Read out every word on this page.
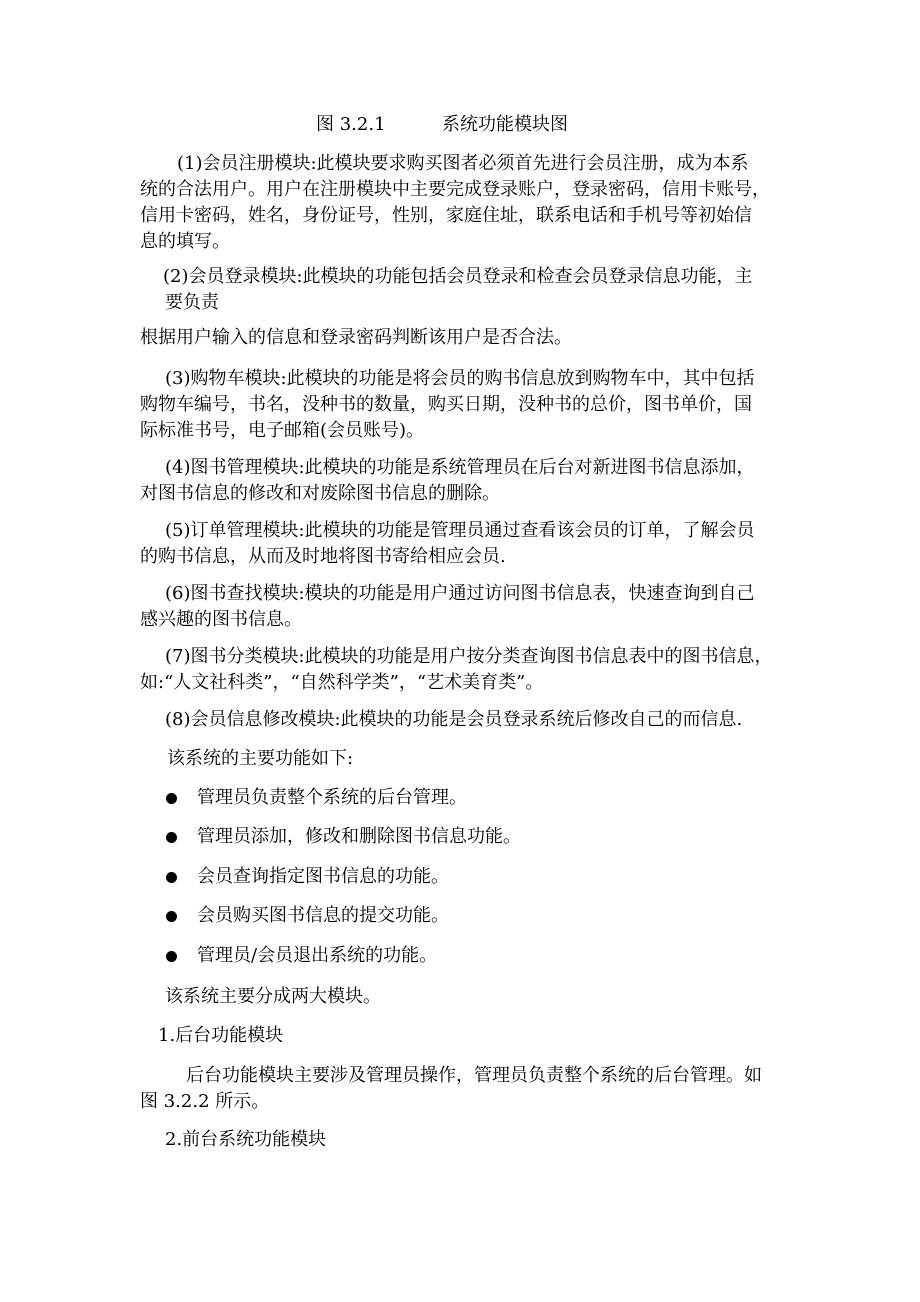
图 3.2.1	系统功能模块图
(1)会员注册模块:此模块要求购买图者必须首先进行会员注册，成为本系
统的合法用户。用户在注册模块中主要完成登录账户，登录密码，信用卡账号，
信用卡密码，姓名，身份证号，性别，家庭住址，联系电话和手机号等初始信
息的填写。
(2)会员登录模块:此模块的功能包括会员登录和检查会员登录信息功能，主
要负责
根据用户输入的信息和登录密码判断该用户是否合法。
(3)购物车模块:此模块的功能是将会员的购书信息放到购物车中，其中包括
购物车编号，书名，没种书的数量，购买日期，没种书的总价，图书单价，国
际标准书号，电子邮箱(会员账号)。
(4)图书管理模块:此模块的功能是系统管理员在后台对新进图书信息添加，
对图书信息的修改和对废除图书信息的删除。
(5)订单管理模块:此模块的功能是管理员通过查看该会员的订单，了解会员
的购书信息，从而及时地将图书寄给相应会员.
(6)图书查找模块:模块的功能是用户通过访问图书信息表，快速查询到自己
感兴趣的图书信息。
(7)图书分类模块:此模块的功能是用户按分类查询图书信息表中的图书信息，
如:“人文社科类”，“自然科学类”，“艺术美育类”。
(8)会员信息修改模块:此模块的功能是会员登录系统后修改自己的而信息.
该系统的主要功能如下:
管理员负责整个系统的后台管理。
管理员添加，修改和删除图书信息功能。
会员查询指定图书信息的功能。
会员购买图书信息的提交功能。
管理员/会员退出系统的功能。
该系统主要分成两大模块。
1.后台功能模块
后台功能模块主要涉及管理员操作，管理员负责整个系统的后台管理。如
图 3.2.2 所示。
2.前台系统功能模块
